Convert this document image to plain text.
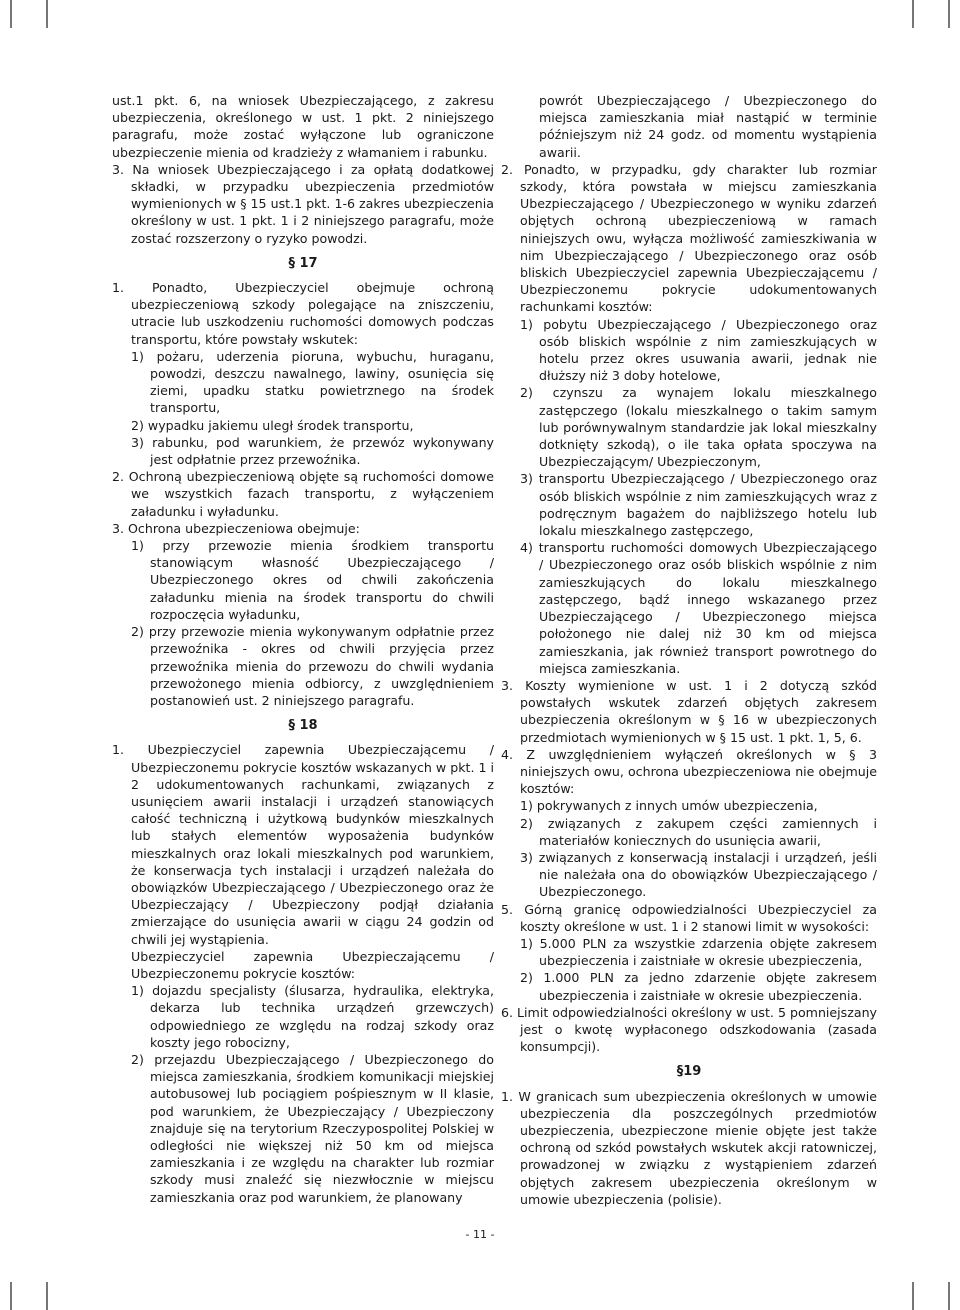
ust.1 pkt. 6, na wniosek Ubezpieczającego, z zakresu ubezpieczenia, określonego w ust. 1 pkt. 2 niniejszego paragrafu, może zostać wyłączone lub ograniczone ubezpieczenie mienia od kradzieży z włamaniem i rabunku.

3. Na wniosek Ubezpieczającego i za opłatą dodatkowej składki, w przypadku ubezpieczenia przedmiotów wymienionych w § 15 ust.1 pkt. 1-6 zakres ubezpieczenia określony w ust. 1 pkt. 1 i 2 niniejszego paragrafu, może zostać rozszerzony o ryzyko powodzi.

§ 17

1. Ponadto, Ubezpieczyciel obejmuje ochroną ubezpieczeniową szkody polegające na zniszczeniu, utracie lub uszkodzeniu ruchomości domowych podczas transportu, które powstały wskutek:

1) pożaru, uderzenia pioruna, wybuchu, huraganu, powodzi, deszczu nawalnego, lawiny, osunięcia się ziemi, upadku statku powietrznego na środek transportu,

2) wypadku jakiemu uległ środek transportu,

3) rabunku, pod warunkiem, że przewóz wykonywany jest odpłatnie przez przewoźnika.

2. Ochroną ubezpieczeniową objęte są ruchomości domowe we wszystkich fazach transportu, z wyłączeniem załadunku i wyładunku.

3. Ochrona ubezpieczeniowa obejmuje:

1) przy przewozie mienia środkiem transportu stanowiącym własność Ubezpieczającego / Ubezpieczonego okres od chwili zakończenia załadunku mienia na środek transportu do chwili rozpoczęcia wyładunku,

2) przy przewozie mienia wykonywanym odpłatnie przez przewoźnika - okres od chwili przyjęcia przez przewoźnika mienia do przewozu do chwili wydania przewożonego mienia odbiorcy, z uwzględnieniem postanowień ust. 2 niniejszego paragrafu.

§ 18

1. Ubezpieczyciel zapewnia Ubezpieczającemu / Ubezpieczonemu pokrycie kosztów wskazanych w pkt. 1 i 2 udokumentowanych rachunkami, związanych z usunięciem awarii instalacji i urządzeń stanowiących całość techniczną i użytkową budynków mieszkalnych lub stałych elementów wyposażenia budynków mieszkalnych oraz lokali mieszkalnych pod warunkiem, że konserwacja tych instalacji i urządzeń należała do obowiązków Ubezpieczającego / Ubezpieczonego oraz że Ubezpieczający / Ubezpieczony podjął działania zmierzające do usunięcia awarii w ciągu 24 godzin od chwili jej wystąpienia.

Ubezpieczyciel zapewnia Ubezpieczającemu / Ubezpieczonemu pokrycie kosztów:

1) dojazdu specjalisty (ślusarza, hydraulika, elektryka, dekarza lub technika urządzeń grzewczych) odpowiedniego ze względu na rodzaj szkody oraz koszty jego robocizny,

2) przejazdu Ubezpieczającego / Ubezpieczonego do miejsca zamieszkania, środkiem komunikacji miejskiej autobusowej lub pociągiem pośpiesznym w II klasie, pod warunkiem, że Ubezpieczający / Ubezpieczony znajduje się na terytorium Rzeczypospolitej Polskiej w odległości nie większej niż 50 km od miejsca zamieszkania i ze względu na charakter lub rozmiar szkody musi znaleźć się niezwłocznie w miejscu zamieszkania oraz pod warunkiem, że planowany

powrót Ubezpieczającego / Ubezpieczonego do miejsca zamieszkania miał nastąpić w terminie późniejszym niż 24 godz. od momentu wystąpienia awarii.

2. Ponadto, w przypadku, gdy charakter lub rozmiar szkody, która powstała w miejscu zamieszkania Ubezpieczającego / Ubezpieczonego w wyniku zdarzeń objętych ochroną ubezpieczeniową w ramach niniejszych owu, wyłącza możliwość zamieszkiwania w nim Ubezpieczającego / Ubezpieczonego oraz osób bliskich Ubezpieczyciel zapewnia Ubezpieczającemu / Ubezpieczonemu pokrycie udokumentowanych rachunkami kosztów:

1) pobytu Ubezpieczającego / Ubezpieczonego oraz osób bliskich wspólnie z nim zamieszkujących w hotelu przez okres usuwania awarii, jednak nie dłuższy niż 3 doby hotelowe,

2) czynszu za wynajem lokalu mieszkalnego zastępczego (lokalu mieszkalnego o takim samym lub porównywalnym standardzie jak lokal mieszkalny dotknięty szkodą), o ile taka opłata spoczywa na Ubezpieczającym/ Ubezpieczonym,

3) transportu Ubezpieczającego / Ubezpieczonego oraz osób bliskich wspólnie z nim zamieszkujących wraz z podręcznym bagażem do najbliższego hotelu lub lokalu mieszkalnego zastępczego,

4) transportu ruchomości domowych Ubezpieczającego / Ubezpieczonego oraz osób bliskich wspólnie z nim zamieszkujących do lokalu mieszkalnego zastępczego, bądź innego wskazanego przez Ubezpieczającego / Ubezpieczonego miejsca położonego nie dalej niż 30 km od miejsca zamieszkania, jak również transport powrotnego do miejsca zamieszkania.

3. Koszty wymienione w ust. 1 i 2 dotyczą szkód powstałych wskutek zdarzeń objętych zakresem ubezpieczenia określonym w § 16 w ubezpieczonych przedmiotach wymienionych w § 15 ust. 1 pkt. 1, 5, 6.

4. Z uwzględnieniem wyłączeń określonych w § 3 niniejszych owu, ochrona ubezpieczeniowa nie obejmuje kosztów:

1) pokrywanych z innych umów ubezpieczenia,

2) związanych z zakupem części zamiennych i materiałów koniecznych do usunięcia awarii,

3) związanych z konserwacją instalacji i urządzeń, jeśli nie należała ona do obowiązków Ubezpieczającego / Ubezpieczonego.

5. Górną granicę odpowiedzialności Ubezpieczyciel za koszty określone w ust. 1 i 2 stanowi limit w wysokości:

1) 5.000 PLN za wszystkie zdarzenia objęte zakresem ubezpieczenia i zaistniałe w okresie ubezpieczenia,

2) 1.000 PLN za jedno zdarzenie objęte zakresem ubezpieczenia i zaistniałe w okresie ubezpieczenia.

6. Limit odpowiedzialności określony w ust. 5 pomniejszany jest o kwotę wypłaconego odszkodowania (zasada konsumpcji).

§19

1. W granicach sum ubezpieczenia określonych w umowie ubezpieczenia dla poszczególnych przedmiotów ubezpieczenia, ubezpieczone mienie objęte jest także ochroną od szkód powstałych wskutek akcji ratowniczej, prowadzonej w związku z wystąpieniem zdarzeń objętych zakresem ubezpieczenia określonym w umowie ubezpieczenia (polisie).

- 11 -
